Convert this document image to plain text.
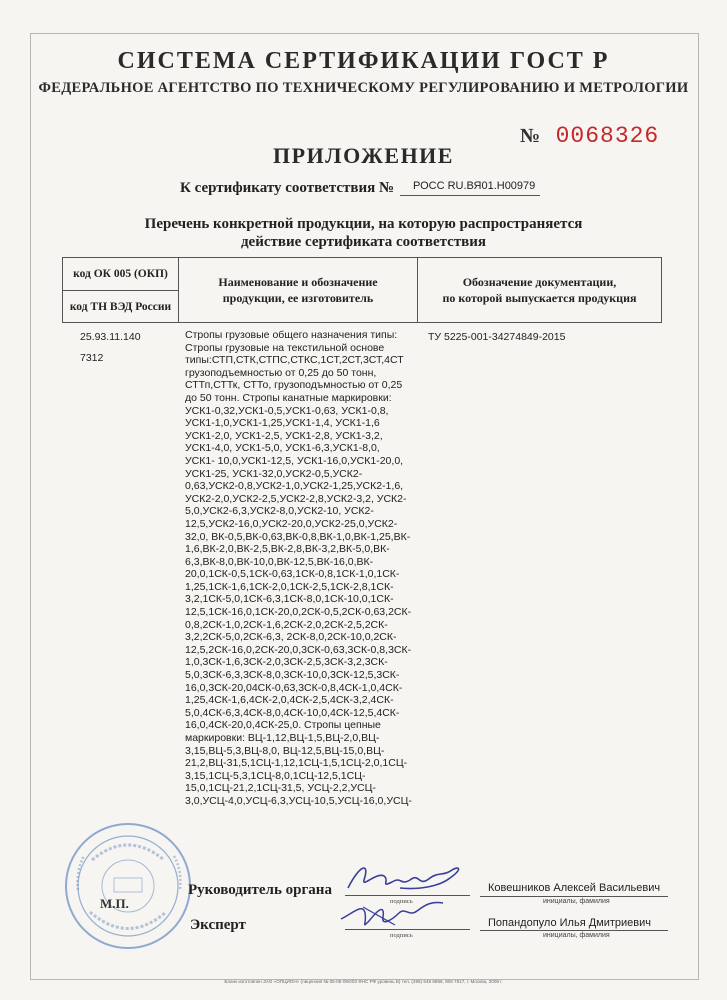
СИСТЕМА СЕРТИФИКАЦИИ ГОСТ Р
ФЕДЕРАЛЬНОЕ АГЕНТСТВО ПО ТЕХНИЧЕСКОМУ РЕГУЛИРОВАНИЮ И МЕТРОЛОГИИ
№ 0068326
ПРИЛОЖЕНИЕ
К сертификату соответствия № РОСС RU.ВЯ01.Н00979
Перечень конкретной продукции, на которую распространяется
действие сертификата соответствия
код ОК 005 (ОКП)
код ТН ВЭД России
Наименование и обозначение
продукции, ее изготовитель
Обозначение документации,
по которой выпускается продукция
25.93.11.140
7312
Стропы грузовые общего назначения типы:
Стропы грузовые на текстильной основе
типы:СТП,СТК,СТПС,СТКС,1СТ,2СТ,3СТ,4СТ
грузоподъемностью от 0,25 до 50 тонн,
СТТп,СТТк, СТТо, грузоподъмностью от 0,25
до 50 тонн. Стропы канатные маркировки:
УСК1-0,32,УСК1-0,5,УСК1-0,63, УСК1-0,8,
УСК1-1,0,УСК1-1,25,УСК1-1,4, УСК1-1,6
УСК1-2,0, УСК1-2,5, УСК1-2,8, УСК1-3,2,
УСК1-4,0, УСК1-5,0, УСК1-6,3,УСК1-8,0,
УСК1- 10,0,УСК1-12,5, УСК1-16,0,УСК1-20,0,
УСК1-25, УСК1-32,0,УСК2-0,5,УСК2-
0,63,УСК2-0,8,УСК2-1,0,УСК2-1,25,УСК2-1,6,
УСК2-2,0,УСК2-2,5,УСК2-2,8,УСК2-3,2, УСК2-
5,0,УСК2-6,3,УСК2-8,0,УСК2-10, УСК2-
12,5,УСК2-16,0,УСК2-20,0,УСК2-25,0,УСК2-
32,0, ВК-0,5,ВК-0,63,ВК-0,8,ВК-1,0,ВК-1,25,ВК-
1,6,ВК-2,0,ВК-2,5,ВК-2,8,ВК-3,2,ВК-5,0,ВК-
6,3,ВК-8,0,ВК-10,0,ВК-12,5,ВК-16,0,ВК-
20,0,1СК-0,5,1СК-0,63,1СК-0,8,1СК-1,0,1СК-
1,25,1СК-1,6,1СК-2,0,1СК-2,5,1СК-2,8,1СК-
3,2,1СК-5,0,1СК-6,3,1СК-8,0,1СК-10,0,1СК-
12,5,1СК-16,0,1СК-20,0,2СК-0,5,2СК-0,63,2СК-
0,8,2СК-1,0,2СК-1,6,2СК-2,0,2СК-2,5,2СК-
3,2,2СК-5,0,2СК-6,3, 2СК-8,0,2СК-10,0,2СК-
12,5,2СК-16,0,2СК-20,0,3СК-0,63,3СК-0,8,3СК-
1,0,3СК-1,6,3СК-2,0,3СК-2,5,3СК-3,2,3СК-
5,0,3СК-6,3,3СК-8,0,3СК-10,0,3СК-12,5,3СК-
16,0,3СК-20,04СК-0,63,3СК-0,8,4СК-1,0,4СК-
1,25,4СК-1,6,4СК-2,0,4СК-2,5,4СК-3,2,4СК-
5,0,4СК-6,3,4СК-8,0,4СК-10,0,4СК-12,5,4СК-
16,0,4СК-20,0,4СК-25,0. Стропы цепные
маркировки: ВЦ-1,12,ВЦ-1,5,ВЦ-2,0,ВЦ-
3,15,ВЦ-5,3,ВЦ-8,0, ВЦ-12,5,ВЦ-15,0,ВЦ-
21,2,ВЦ-31,5,1СЦ-1,12,1СЦ-1,5,1СЦ-2,0,1СЦ-
3,15,1СЦ-5,3,1СЦ-8,0,1СЦ-12,5,1СЦ-
15,0,1СЦ-21,2,1СЦ-31,5, УСЦ-2,2,УСЦ-
3,0,УСЦ-4,0,УСЦ-6,3,УСЦ-10,5,УСЦ-16,0,УСЦ-
ТУ 5225-001-34274849-2015
М.П.
Руководитель органа
подпись
Ковешников Алексей Васильевич
инициалы, фамилия
Эксперт
подпись
Попандопуло Илья Дмитриевич
инициалы, фамилия
Бланк изготовлен ЗАО «ОПЦИОН» (лицензия № 05-05-09/003 ФНС РФ уровень Б) тел. (495) 648 6868, 906 7617, г. Москва, 2009 г.
